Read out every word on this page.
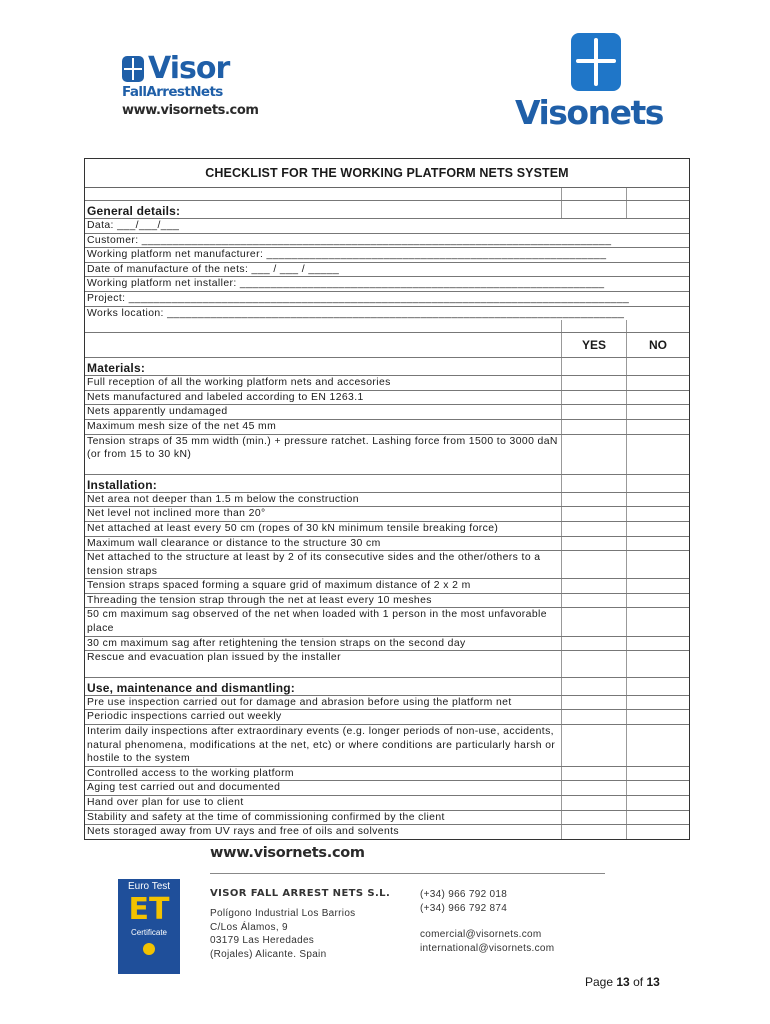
Visor
FallArrestNets
www.visornets.com	Visonets
CHECKLIST FOR THE WORKING PLATFORM NETS SYSTEM
General details:
Data: ___/___/___
Customer: ____________________________________________________________________________
Working platform net manufacturer: _______________________________________________________
Date of manufacture of the nets: ___ / ___ / _____
Working platform net installer: ___________________________________________________________
Project: _________________________________________________________________________________
Works location: __________________________________________________________________________
YES	NO
Materials:
Full reception of all the working platform nets and accesories
Nets manufactured and labeled according to EN 1263.1
Nets apparently undamaged
Maximum mesh size of the net 45 mm
Tension straps of 35 mm width (min.) + pressure ratchet. Lashing force from 1500 to 3000 daN (or from 15 to 30 kN)
Installation:
Net area not deeper than 1.5 m below the construction
Net level not inclined more than 20°
Net attached at least every 50 cm (ropes of 30 kN minimum tensile breaking force)
Maximum wall clearance or distance to the structure 30 cm
Net attached to the structure at least by 2 of its consecutive sides and the other/others to a tension straps
Tension straps spaced forming a square grid of maximum distance of 2 x 2 m
Threading the tension strap through the net at least every 10 meshes
50 cm maximum sag observed of the net when loaded with 1 person in the most unfavorable place
30 cm maximum sag after retightening the tension straps on the second day
Rescue and evacuation plan issued by the installer
Use, maintenance and dismantling:
Pre use inspection carried out for damage and abrasion before using the platform net
Periodic inspections carried out weekly
Interim daily inspections after extraordinary events (e.g. longer periods of non-use, accidents, natural phenomena, modifications at the net, etc) or where conditions are particularly harsh or hostile to the system
Controlled access to the working platform
Aging test carried out and documented
Hand over plan for use to client
Stability and safety at the time of commissioning confirmed by the client
Nets storaged away from UV rays and free of oils and solvents
Euro Test
ET
Certificate
www.visornets.com
VISOR FALL ARREST NETS S.L.
Polígono Industrial Los Barrios
C/Los Álamos, 9
03179 Las Heredades
(Rojales) Alicante. Spain
(+34) 966 792 018
(+34) 966 792 874
comercial@visornets.com
international@visornets.com
Page 13 of 13
